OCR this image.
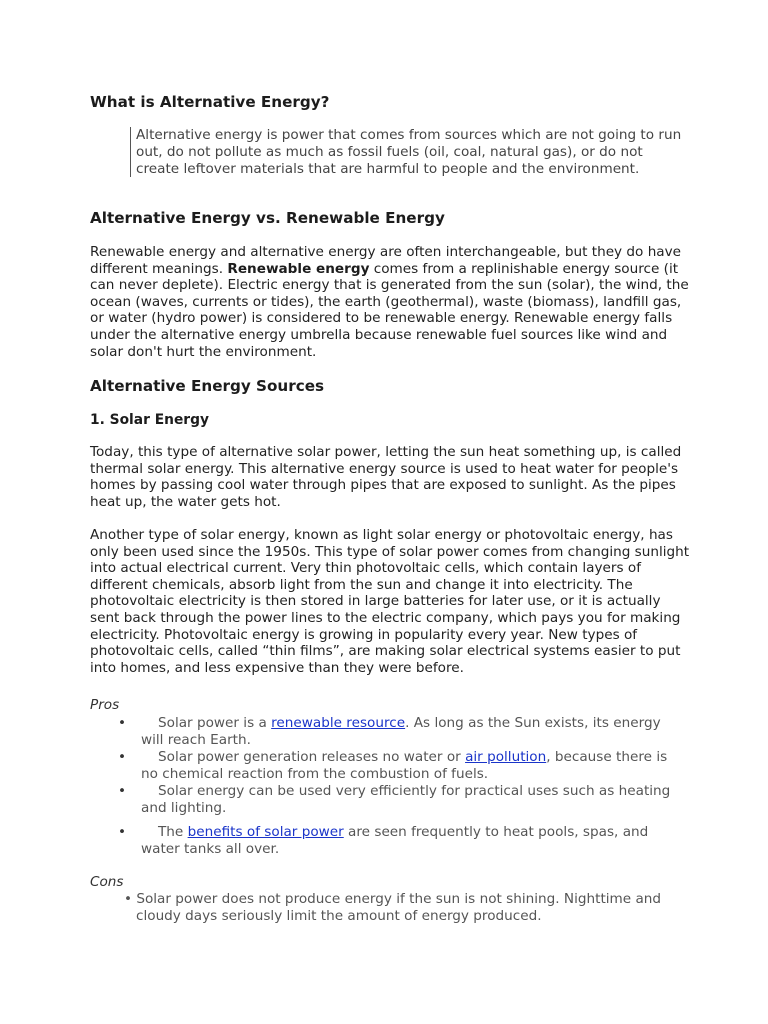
What is Alternative Energy?
Alternative energy is power that comes from sources which are not going to run out, do not pollute as much as fossil fuels (oil, coal, natural gas), or do not create leftover materials that are harmful to people and the environment.
Alternative Energy vs. Renewable Energy
Renewable energy and alternative energy are often interchangeable, but they do have different meanings. Renewable energy comes from a replinishable energy source (it can never deplete). Electric energy that is generated from the sun (solar), the wind, the ocean (waves, currents or tides), the earth (geothermal), waste (biomass), landfill gas, or water (hydro power) is considered to be renewable energy. Renewable energy falls under the alternative energy umbrella because renewable fuel sources like wind and solar don't hurt the environment.
Alternative Energy Sources
1. Solar Energy
Today, this type of alternative solar power, letting the sun heat something up, is called thermal solar energy. This alternative energy source is used to heat water for people's homes by passing cool water through pipes that are exposed to sunlight. As the pipes heat up, the water gets hot.
Another type of solar energy, known as light solar energy or photovoltaic energy, has only been used since the 1950s. This type of solar power comes from changing sunlight into actual electrical current. Very thin photovoltaic cells, which contain layers of different chemicals, absorb light from the sun and change it into electricity. The photovoltaic electricity is then stored in large batteries for later use, or it is actually sent back through the power lines to the electric company, which pays you for making electricity. Photovoltaic energy is growing in popularity every year. New types of photovoltaic cells, called “thin films”, are making solar electrical systems easier to put into homes, and less expensive than they were before.
Pros
•	Solar power is a renewable resource. As long as the Sun exists, its energy will reach Earth.
•	Solar power generation releases no water or air pollution, because there is no chemical reaction from the combustion of fuels.
•	Solar energy can be used very efficiently for practical uses such as heating and lighting.
•	The benefits of solar power are seen frequently to heat pools, spas, and water tanks all over.
Cons
• Solar power does not produce energy if the sun is not shining. Nighttime and cloudy days seriously limit the amount of energy produced.
